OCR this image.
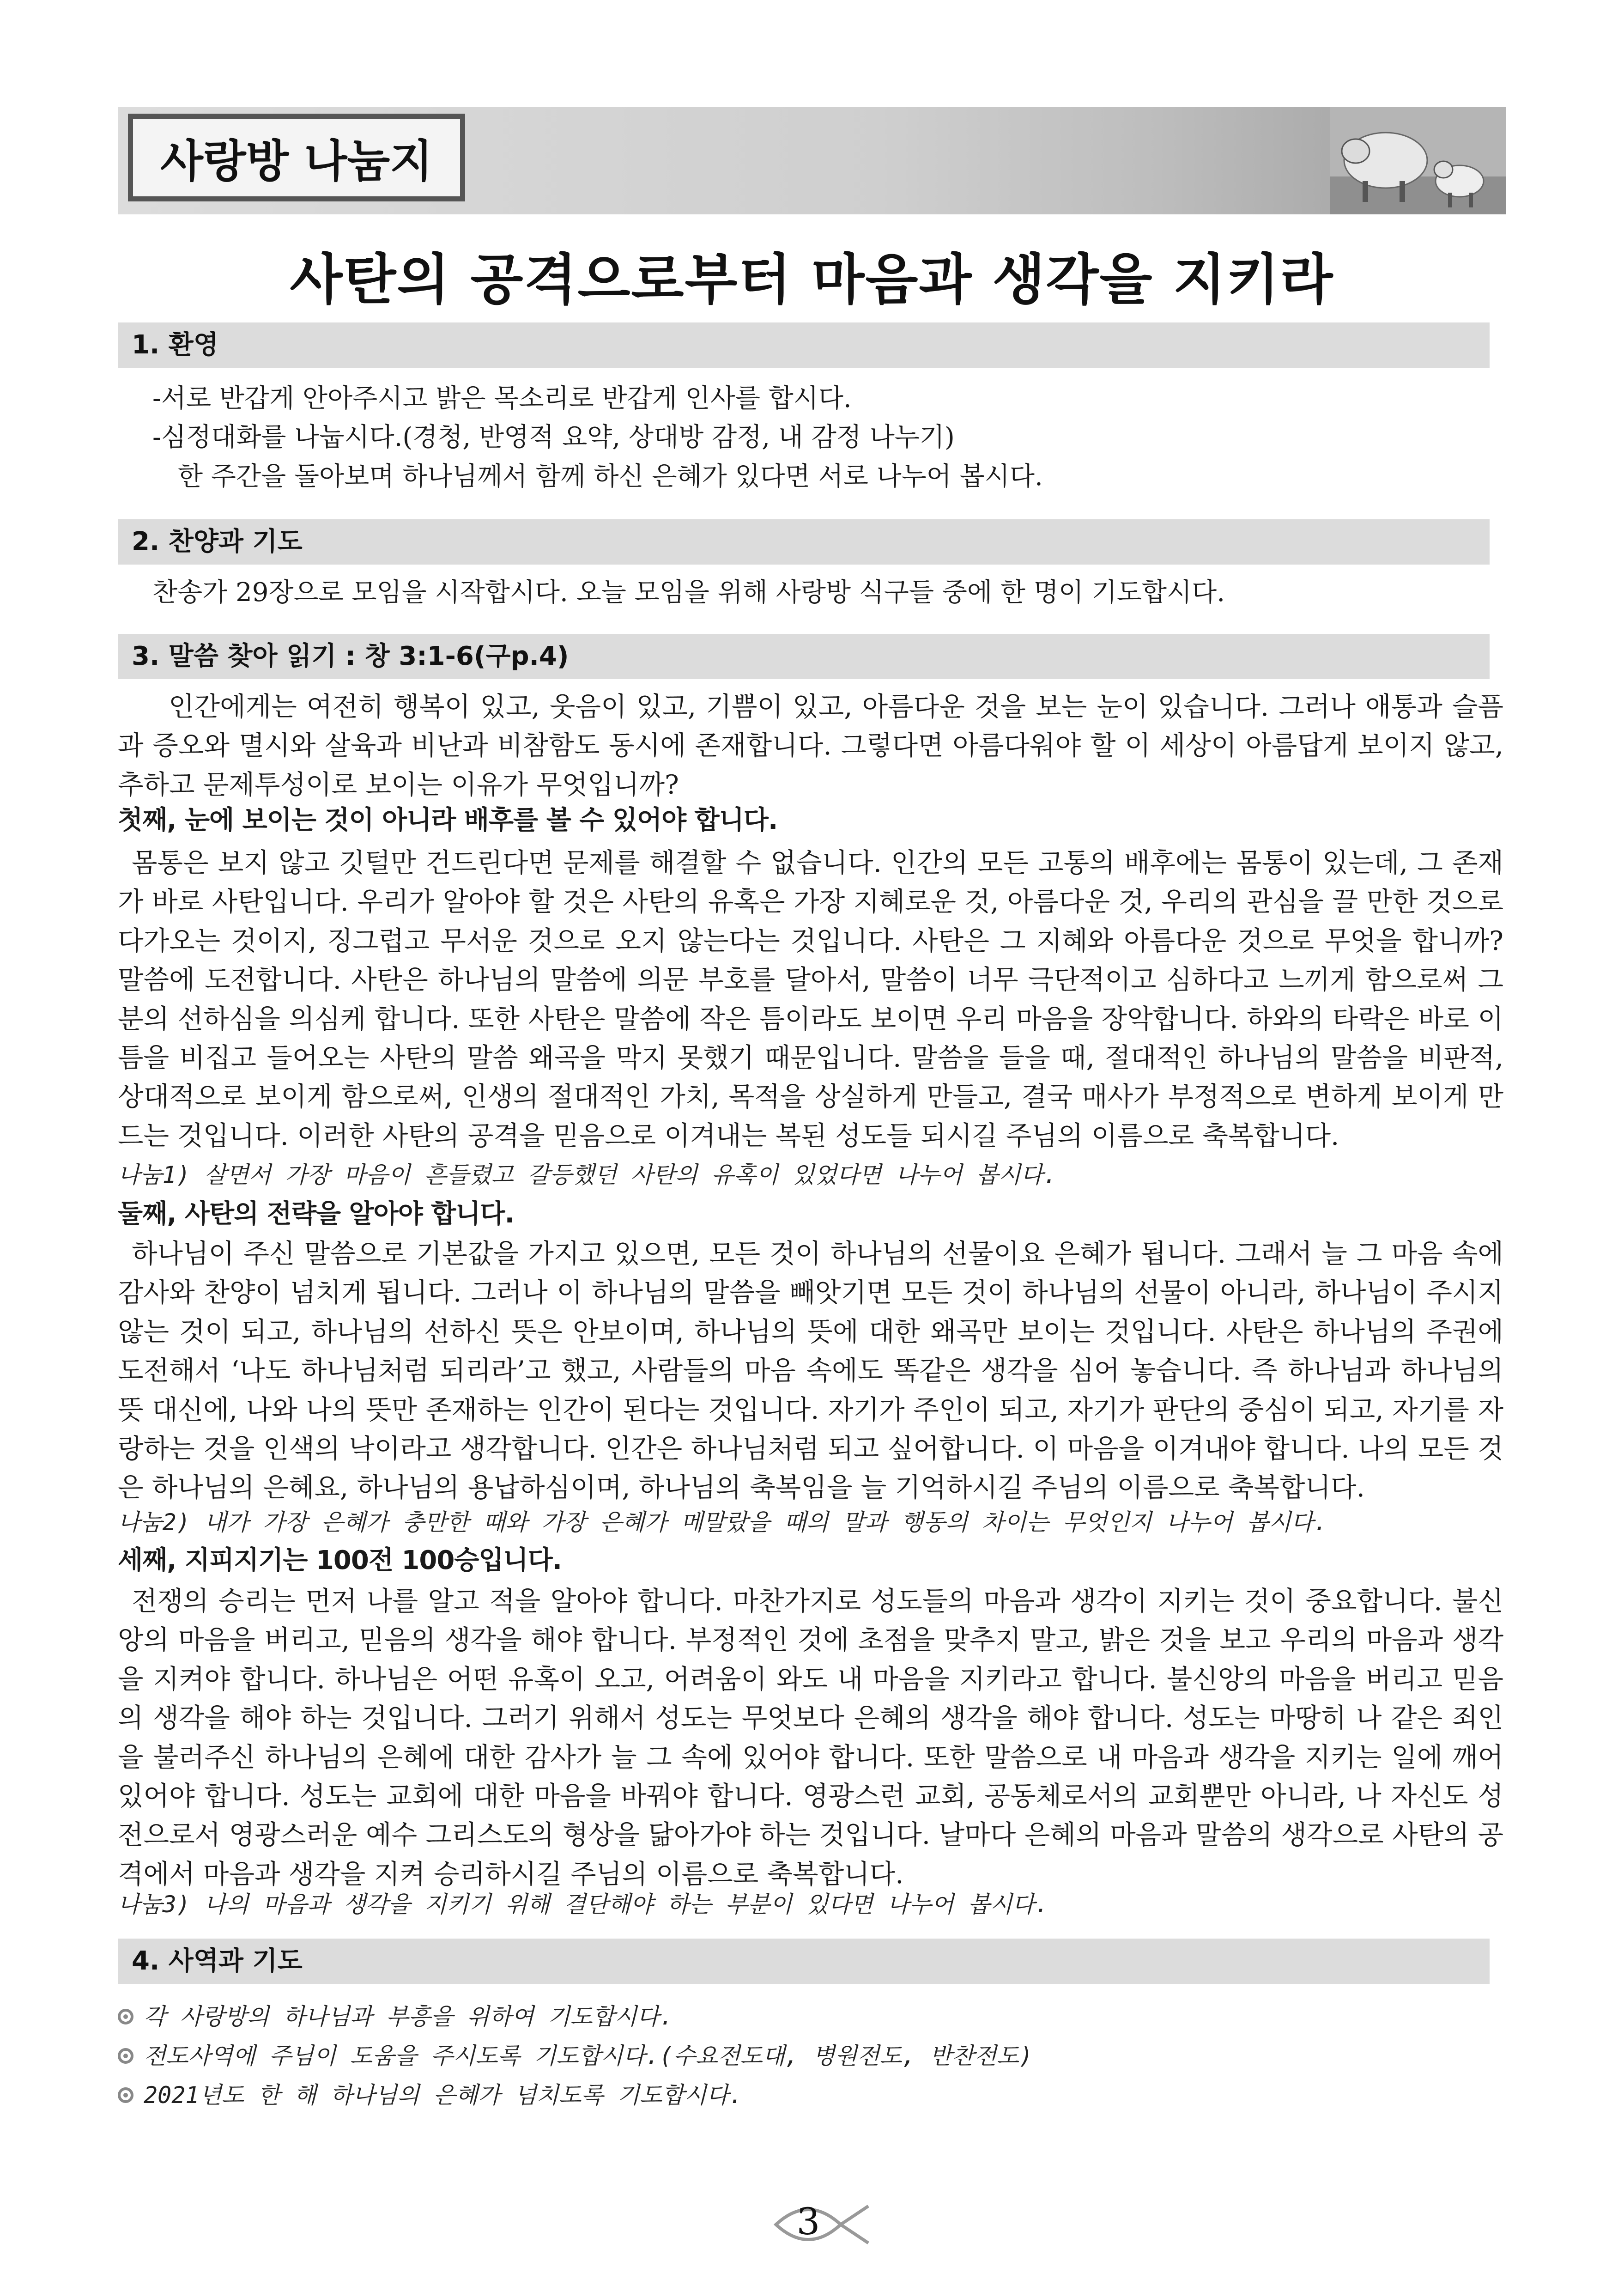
사랑방 나눔지
사탄의 공격으로부터 마음과 생각을 지키라
1. 환영
-서로 반갑게 안아주시고 밝은 목소리로 반갑게 인사를 합시다.
-심정대화를 나눕시다.(경청, 반영적 요약, 상대방 감정, 내 감정 나누기)
한 주간을 돌아보며 하나님께서 함께 하신 은혜가 있다면 서로 나누어 봅시다.
2. 찬양과 기도
찬송가 29장으로 모임을 시작합시다. 오늘 모임을 위해 사랑방 식구들 중에 한 명이 기도합시다.
3. 말씀 찾아 읽기 : 창 3:1-6(구p.4)

인간에게는 여전히 행복이 있고, 웃음이 있고, 기쁨이 있고, 아름다운 것을 보는 눈이 있습니다. 그러나 애통과 슬픔과 증오와 멸시와 살육과 비난과 비참함도 동시에 존재합니다. 그렇다면 아름다워야 할 이 세상이 아름답게 보이지 않고, 추하고 문제투성이로 보이는 이유가 무엇입니까?

첫째, 눈에 보이는 것이 아니라 배후를 볼 수 있어야 합니다.

몸통은 보지 않고 깃털만 건드린다면 문제를 해결할 수 없습니다. 인간의 모든 고통의 배후에는 몸통이 있는데, 그 존재가 바로 사탄입니다. 우리가 알아야 할 것은 사탄의 유혹은 가장 지혜로운 것, 아름다운 것, 우리의 관심을 끌 만한 것으로 다가오는 것이지, 징그럽고 무서운 것으로 오지 않는다는 것입니다. 사탄은 그 지혜와 아름다운 것으로 무엇을 합니까? 말씀에 도전합니다. 사탄은 하나님의 말씀에 의문 부호를 달아서, 말씀이 너무 극단적이고 심하다고 느끼게 함으로써 그 분의 선하심을 의심케 합니다. 또한 사탄은 말씀에 작은 틈이라도 보이면 우리 마음을 장악합니다. 하와의 타락은 바로 이 틈을 비집고 들어오는 사탄의 말씀 왜곡을 막지 못했기 때문입니다. 말씀을 들을 때, 절대적인 하나님의 말씀을 비판적, 상대적으로 보이게 함으로써, 인생의 절대적인 가치, 목적을 상실하게 만들고, 결국 매사가 부정적으로 변하게 보이게 만드는 것입니다. 이러한 사탄의 공격을 믿음으로 이겨내는 복된 성도들 되시길 주님의 이름으로 축복합니다.

나눔1) 살면서 가장 마음이 흔들렸고 갈등했던 사탄의 유혹이 있었다면 나누어 봅시다.
둘째, 사탄의 전략을 알아야 합니다.

하나님이 주신 말씀으로 기본값을 가지고 있으면, 모든 것이 하나님의 선물이요 은혜가 됩니다. 그래서 늘 그 마음 속에 감사와 찬양이 넘치게 됩니다. 그러나 이 하나님의 말씀을 빼앗기면 모든 것이 하나님의 선물이 아니라, 하나님이 주시지 않는 것이 되고, 하나님의 선하신 뜻은 안보이며, 하나님의 뜻에 대한 왜곡만 보이는 것입니다. 사탄은 하나님의 주권에 도전해서 ‘나도 하나님처럼 되리라’고 했고, 사람들의 마음 속에도 똑같은 생각을 심어 놓습니다. 즉 하나님과 하나님의 뜻 대신에, 나와 나의 뜻만 존재하는 인간이 된다는 것입니다. 자기가 주인이 되고, 자기가 판단의 중심이 되고, 자기를 자랑하는 것을 인색의 낙이라고 생각합니다. 인간은 하나님처럼 되고 싶어합니다. 이 마음을 이겨내야 합니다. 나의 모든 것은 하나님의 은혜요, 하나님의 용납하심이며, 하나님의 축복임을 늘 기억하시길 주님의 이름으로 축복합니다.

나눔2) 내가 가장 은혜가 충만한 때와 가장 은혜가 메말랐을 때의 말과 행동의 차이는 무엇인지 나누어 봅시다.
세째, 지피지기는 100전 100승입니다.

전쟁의 승리는 먼저 나를 알고 적을 알아야 합니다. 마찬가지로 성도들의 마음과 생각이 지키는 것이 중요합니다. 불신앙의 마음을 버리고, 믿음의 생각을 해야 합니다. 부정적인 것에 초점을 맞추지 말고, 밝은 것을 보고 우리의 마음과 생각을 지켜야 합니다. 하나님은 어떤 유혹이 오고, 어려움이 와도 내 마음을 지키라고 합니다. 불신앙의 마음을 버리고 믿음의 생각을 해야 하는 것입니다. 그러기 위해서 성도는 무엇보다 은혜의 생각을 해야 합니다. 성도는 마땅히 나 같은 죄인을 불러주신 하나님의 은혜에 대한 감사가 늘 그 속에 있어야 합니다. 또한 말씀으로 내 마음과 생각을 지키는 일에 깨어 있어야 합니다. 성도는 교회에 대한 마음을 바꿔야 합니다. 영광스런 교회, 공동체로서의 교회뿐만 아니라, 나 자신도 성전으로서 영광스러운 예수 그리스도의 형상을 닮아가야 하는 것입니다. 날마다 은혜의 마음과 말씀의 생각으로 사탄의 공격에서 마음과 생각을 지켜 승리하시길 주님의 이름으로 축복합니다.

나눔3) 나의 마음과 생각을 지키기 위해 결단해야 하는 부분이 있다면 나누어 봅시다.
4. 사역과 기도
각 사랑방의 하나님과 부흥을 위하여 기도합시다.
전도사역에 주님이 도움을 주시도록 기도합시다.(수요전도대, 병원전도, 반찬전도)
2021년도 한 해 하나님의 은혜가 넘치도록 기도합시다.
3
